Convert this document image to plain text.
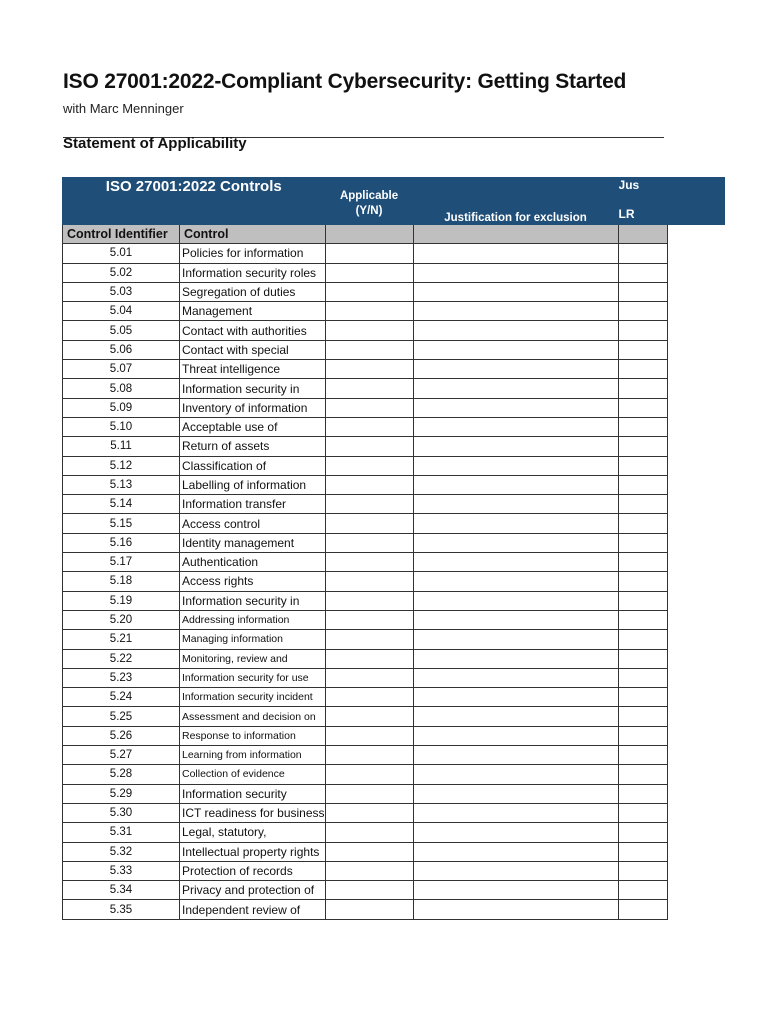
ISO 27001:2022-Compliant Cybersecurity: Getting Started
with Marc Menninger
Statement of Applicability
ISO 27001:2022 Controls		Applicable (Y/N)	Justification for exclusion	Jus	
				LR	
Control Identifier	Control				
5.01	Policies for information				
5.02	Information security roles				
5.03	Segregation of duties				
5.04	Management				
5.05	Contact with authorities				
5.06	Contact with special				
5.07	Threat intelligence				
5.08	Information security in				
5.09	Inventory of information				
5.10	Acceptable use of				
5.11	Return of assets				
5.12	Classification of				
5.13	Labelling of information				
5.14	Information transfer				
5.15	Access control				
5.16	Identity management				
5.17	Authentication				
5.18	Access rights				
5.19	Information security in				
5.20	Addressing information				
5.21	Managing information				
5.22	Monitoring, review and				
5.23	Information security for use				
5.24	Information security incident				
5.25	Assessment and decision on				
5.26	Response to information				
5.27	Learning from information				
5.28	Collection of evidence				
5.29	Information security				
5.30	ICT readiness for business				
5.31	Legal, statutory,				
5.32	Intellectual property rights				
5.33	Protection of records				
5.34	Privacy and protection of				
5.35	Independent review of				
